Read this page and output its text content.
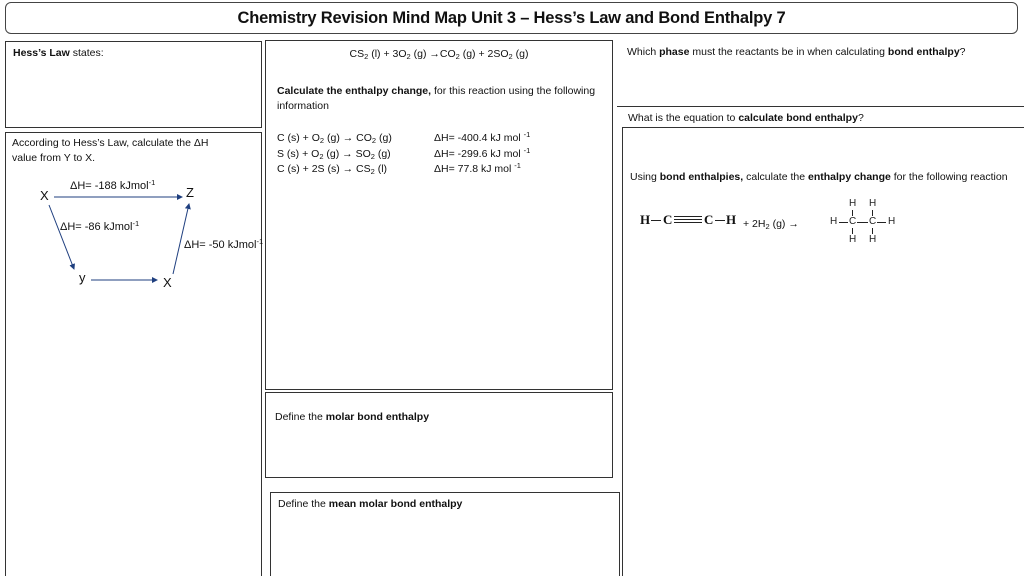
Chemistry Revision Mind Map Unit 3 – Hess’s Law and Bond Enthalpy 7
Hess’s Law states:
According to Hess’s Law, calculate the ΔH
value from Y to X.
X	Z
y	X
ΔH= -188 kJmol$^{-1}$
ΔH= -86 kJmol$^{-1}$
ΔH= -50 kJmol$^{-1}$
$CS_2$ $(l) + 3O_2$ $(g) \to CO_2$ $(g) + 2SO_2$ (g)
Calculate the enthalpy change, for this reaction using the following information
C $(s) + O_2$ $(g) \to CO_2$ (g)	ΔH= -400.4 kJ mol $^{-1}$
S $(s) + O_2$ $(g) \to SO_2$ (g)	ΔH= -299.6 kJ mol $^{-1}$
C (s) + 2S $(s) \to CS_2$ (l)	ΔH= 77.8 kJ mol $^{-1}$
Define the molar bond enthalpy
Define the mean molar bond enthalpy
Which phase must the reactants be in when calculating bond enthalpy?
What is the equation to calculate bond enthalpy?
Using bond enthalpies, calculate the enthalpy change for the following reaction
H C C $H + 2H_2$ (g) →
H H
H C C H
H H
